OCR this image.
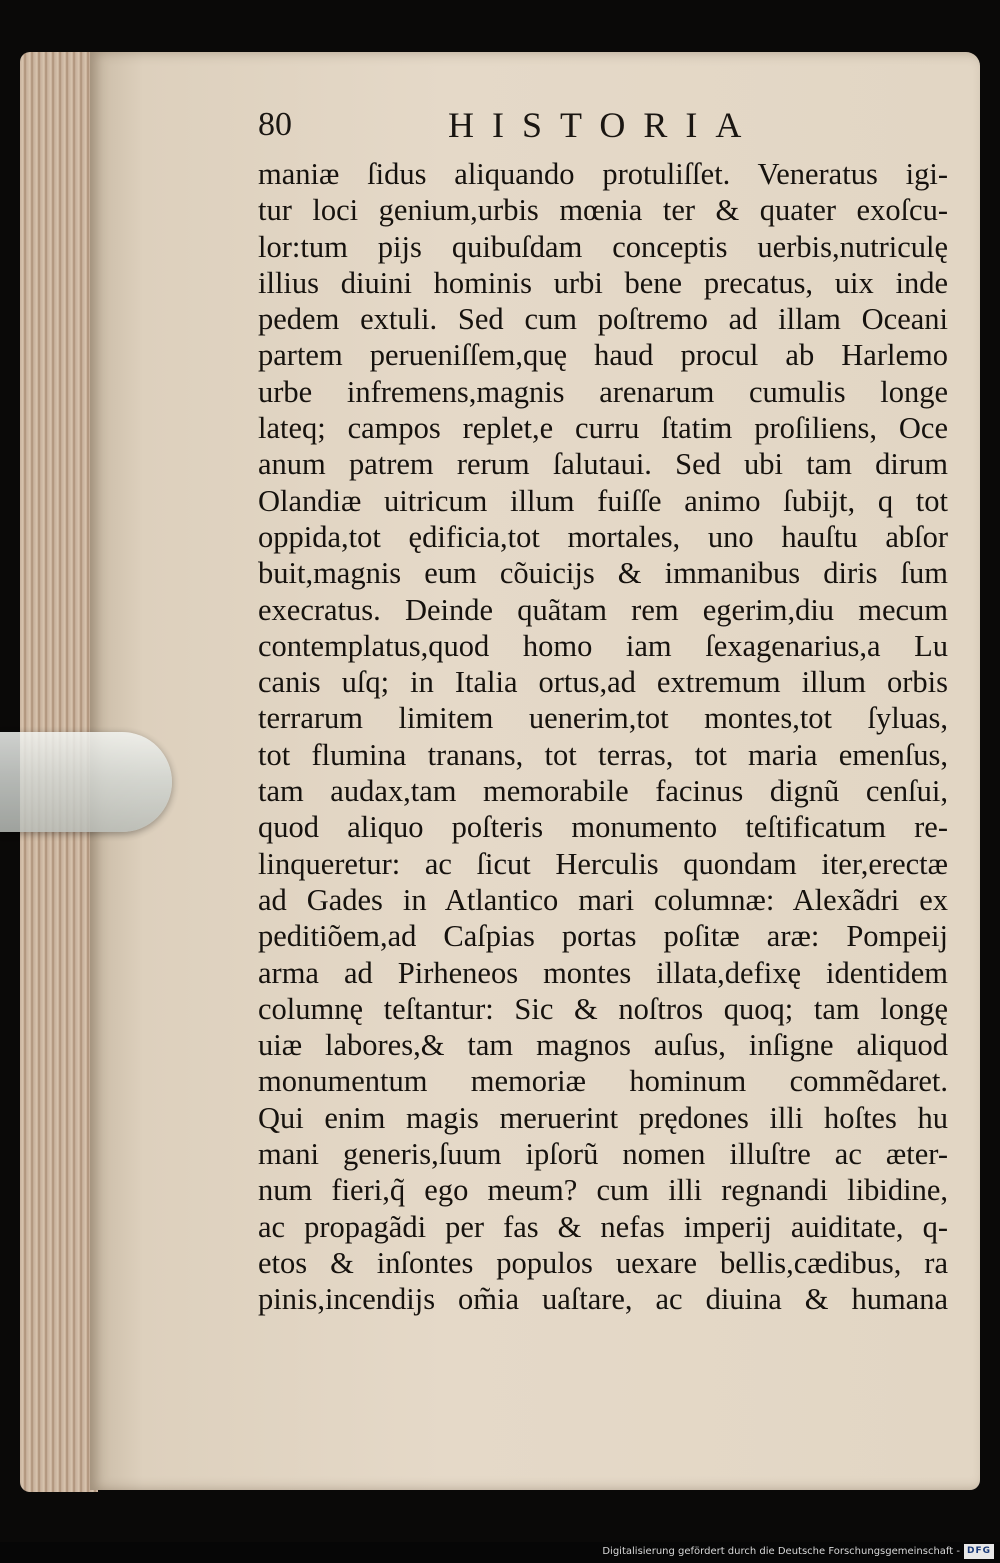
80	HISTORIA
maniæ ſidus aliquando protuliſſet. Veneratus igi-
tur loci genium,urbis mœnia ter & quater exoſcu-
lor:tum pijs quibuſdam conceptis uerbis,nutriculę
illius diuini hominis urbi bene precatus, uix inde
pedem extuli. Sed cum poſtremo ad illam Oceani
partem perueniſſem,quę haud procul ab Harlemo
urbe infremens,magnis arenarum cumulis longe
lateq; campos replet,e curru ſtatim proſiliens, Oce
anum patrem rerum ſalutaui. Sed ubi tam dirum
Olandiæ uitricum illum fuiſſe animo ſubijt, q tot
oppida,tot ędificia,tot mortales, uno hauſtu abſor
buit,magnis eum cõuicijs & immanibus diris ſum
execratus. Deinde quãtam rem egerim,diu mecum
contemplatus,quod homo iam ſexagenarius,a Lu
canis uſq; in Italia ortus,ad extremum illum orbis
terrarum limitem uenerim,tot montes,tot ſyluas,
tot flumina tranans, tot terras, tot maria emenſus,
tam audax,tam memorabile facinus dignũ cenſui,
quod aliquo poſteris monumento teſtificatum re-
linqueretur: ac ſicut Herculis quondam iter,erectæ
ad Gades in Atlantico mari columnæ: Alexãdri ex
peditiõem,ad Caſpias portas poſitæ aræ: Pompeij
arma ad Pirheneos montes illata,defixę identidem
columnę teſtantur: Sic & noſtros quoq; tam longę
uiæ labores,& tam magnos auſus, inſigne aliquod
monumentum memoriæ hominum commẽdaret.
Qui enim magis meruerint prędones illi hoſtes hu
mani generis,ſuum ipſorũ nomen illuſtre ac æter-
num fieri,q̃ ego meum? cum illi regnandi libidine,
ac propagãdi per fas & nefas imperij auiditate, q-
etos & inſontes populos uexare bellis,cædibus, ra
pinis,incendijs om̃ia uaſtare, ac diuina & humana
Digitalisierung gefördert durch die Deutsche Forschungsgemeinschaft - DFG
